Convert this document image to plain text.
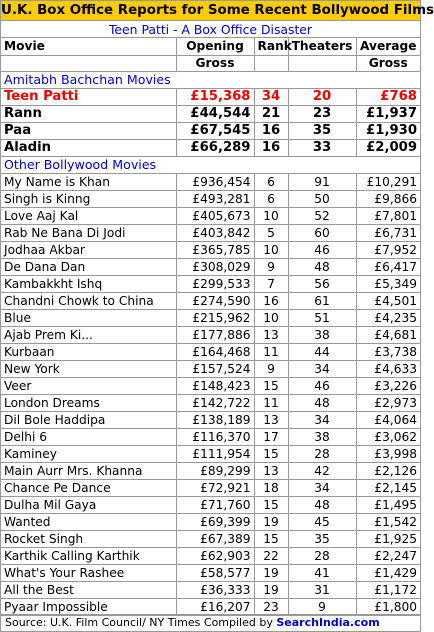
U.K. Box Office Reports for Some Recent Bollywood Films
Teen Patti - A Box Office Disaster
Movie	Opening	Rank	Theaters	Average
	Gross			Gross
Amitabh Bachchan Movies				
Teen Patti	£15,368	34	20	£768
Rann	£44,544	21	23	£1,937
Paa	£67,545	16	35	£1,930
Aladin	£66,289	16	33	£2,009
Other Bollywood Movies				
My Name is Khan	£936,454	6	91	£10,291
Singh is Kinng	£493,281	6	50	£9,866
Love Aaj Kal	£405,673	10	52	£7,801
Rab Ne Bana Di Jodi	£403,842	5	60	£6,731
Jodhaa Akbar	£365,785	10	46	£7,952
De Dana Dan	£308,029	9	48	£6,417
Kambakkht Ishq	£299,533	7	56	£5,349
Chandni Chowk to China	£274,590	16	61	£4,501
Blue	£215,962	10	51	£4,235
Ajab Prem Ki...	£177,886	13	38	£4,681
Kurbaan	£164,468	11	44	£3,738
New York	£157,524	9	34	£4,633
Veer	£148,423	15	46	£3,226
London Dreams	£142,722	11	48	£2,973
Dil Bole Haddipa	£138,189	13	34	£4,064
Delhi 6	£116,370	17	38	£3,062
Kaminey	£111,954	15	28	£3,998
Main Aurr Mrs. Khanna	£89,299	13	42	£2,126
Chance Pe Dance	£72,921	18	34	£2,145
Dulha Mil Gaya	£71,760	15	48	£1,495
Wanted	£69,399	19	45	£1,542
Rocket Singh	£67,389	15	35	£1,925
Karthik Calling Karthik	£62,903	22	28	£2,247
What's Your Rashee	£58,577	19	41	£1,429
All the Best	£36,333	19	31	£1,172
Pyaar Impossible	£16,207	23	9	£1,800
Source: U.K. Film Council/ NY Times Compiled by SearchIndia.com
